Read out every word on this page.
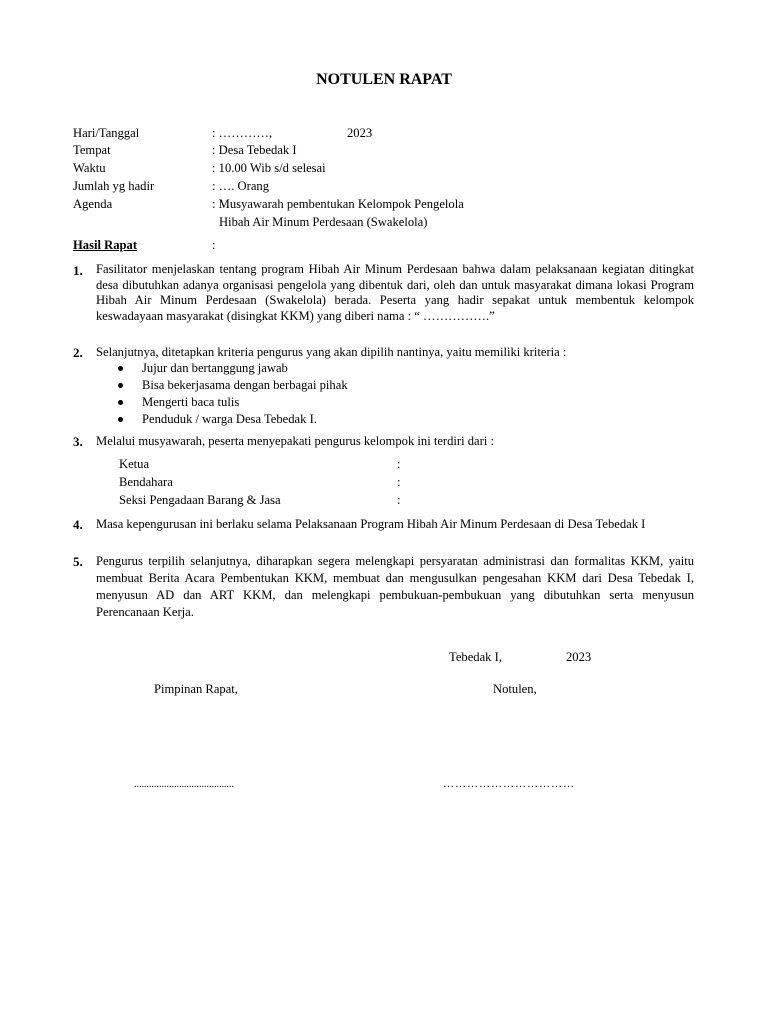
NOTULEN RAPAT
Hari/Tanggal	: …………,	2023
Tempat	: Desa Tebedak I
Waktu	: 10.00 Wib s/d selesai
Jumlah yg hadir	: …. Orang
Agenda	: Musyawarah pembentukan Kelompok Pengelola
Hibah Air Minum Perdesaan (Swakelola)
Hasil Rapat	:
1. Fasilitator menjelaskan tentang program Hibah Air Minum Perdesaan bahwa dalam pelaksanaan kegiatan ditingkat desa dibutuhkan adanya organisasi pengelola yang dibentuk dari, oleh dan untuk masyarakat dimana lokasi Program Hibah Air Minum Perdesaan (Swakelola) berada. Peserta yang hadir sepakat untuk membentuk kelompok keswadayaan masyarakat (disingkat KKM) yang diberi nama : “ …………….”
2. Selanjutnya, ditetapkan kriteria pengurus yang akan dipilih nantinya, yaitu memiliki kriteria :
Jujur dan bertanggung jawab
Bisa bekerjasama dengan berbagai pihak
Mengerti baca tulis
Penduduk / warga Desa Tebedak I.
3. Melalui musyawarah, peserta menyepakati pengurus kelompok ini terdiri dari :
Ketua	:
Bendahara	:
Seksi Pengadaan Barang & Jasa	:
4. Masa kepengurusan ini berlaku selama Pelaksanaan Program Hibah Air Minum Perdesaan di Desa Tebedak I
5. Pengurus terpilih selanjutnya, diharapkan segera melengkapi persyaratan administrasi dan formalitas KKM, yaitu membuat Berita Acara Pembentukan KKM, membuat dan mengusulkan pengesahan KKM dari Desa Tebedak I, menyusun AD dan ART KKM, dan melengkapi pembukuan-pembukuan yang dibutuhkan serta menyusun Perencanaan Kerja.
Tebedak I,	2023
Pimpinan Rapat,	Notulen,
........................................	……………………………
